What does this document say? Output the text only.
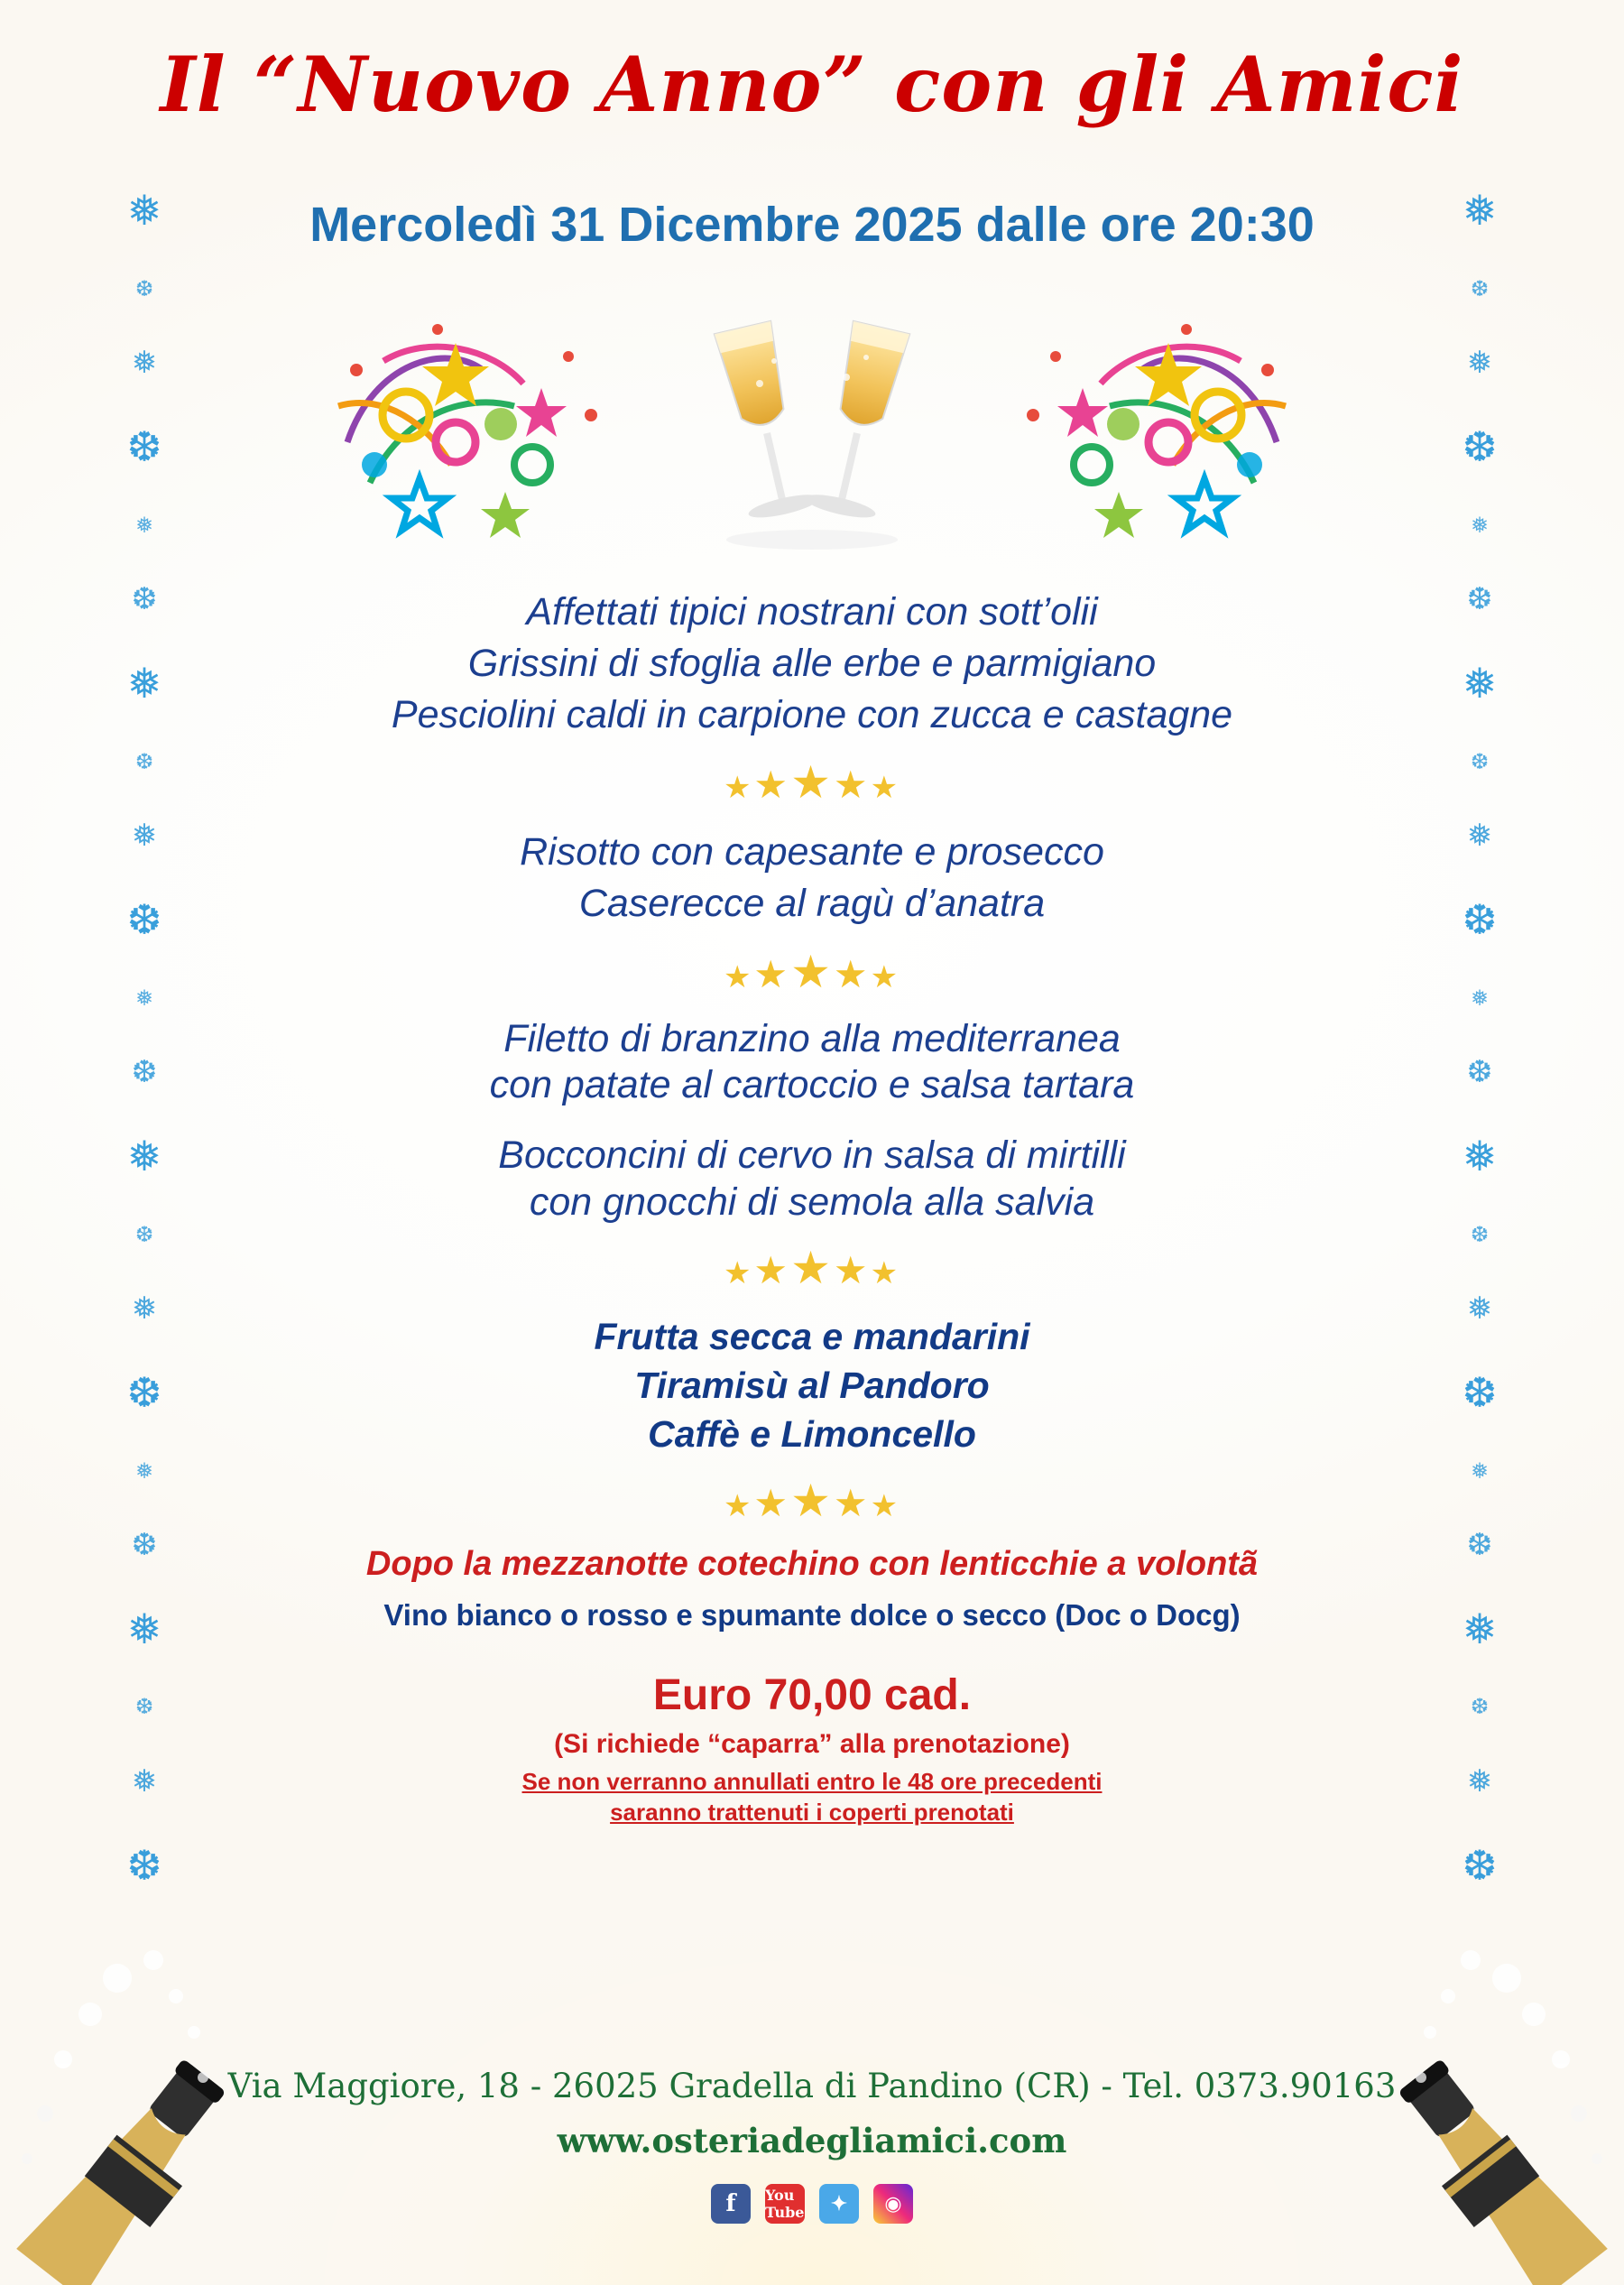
❅
❆
❅
❆
❅
❆
❅
❆
❅
❆
❅
❆
❅
❆
❅
❆
❅
❆
❅
❆
❅
❆
❅
❆
❅
❆
❅
❆
❅
❆
❅
❆
❅
❆
❅
❆
❅
❆
❅
❆
❅
❆
❅
❆
Il “Nuovo Anno” con gli Amici
Mercoledì 31 Dicembre 2025 dalle ore 20:30
Affettati tipici nostrani con sott’olii
Grissini di sfoglia alle erbe e parmigiano
Pesciolini caldi in carpione con zucca e castagne
★★★★★
Risotto con capesante e prosecco
Caserecce al ragù d’anatra
★★★★★
Filetto di branzino alla mediterranea
con patate al cartoccio e salsa tartara
Bocconcini di cervo in salsa di mirtilli
con gnocchi di semola alla salvia
★★★★★
Frutta secca e mandarini
Tiramisù al Pandoro
Caffè e Limoncello
★★★★★
Dopo la mezzanotte cotechino con lenticchie a volontã
Vino bianco o rosso e spumante dolce o secco (Doc o Docg)
Euro 70,00 cad.
(Si richiede “caparra” alla prenotazione)
Se non verranno annullati entro le 48 ore precedenti
saranno trattenuti i coperti prenotati
Via Maggiore, 18 - 26025 Gradella di Pandino (CR) - Tel. 0373.90163
www.osteriadegliamici.com
f	You Tube	✦	◉
